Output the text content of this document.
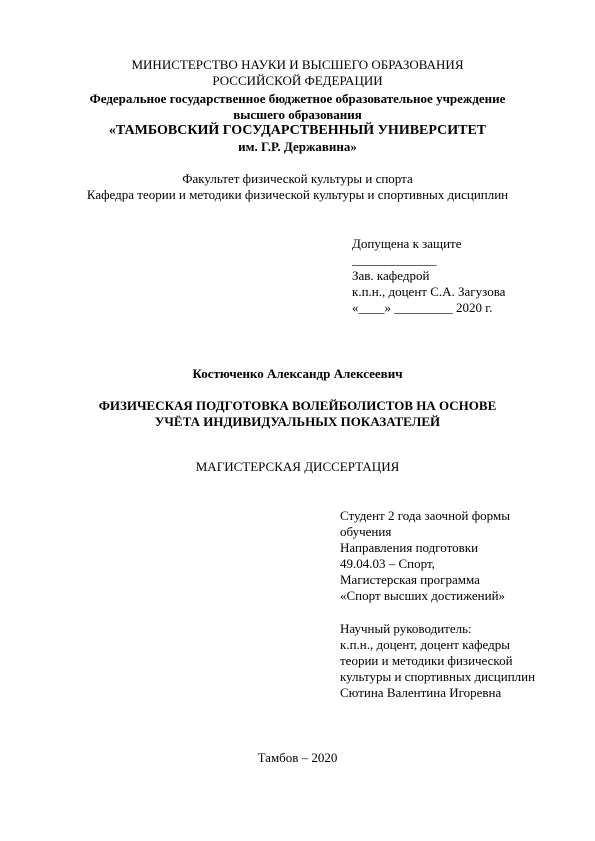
МИНИСТЕРСТВО НАУКИ И ВЫСШЕГО ОБРАЗОВАНИЯ
РОССИЙСКОЙ ФЕДЕРАЦИИ
Федеральное государственное бюджетное образовательное учреждение
высшего образования
«ТАМБОВСКИЙ ГОСУДАРСТВЕННЫЙ УНИВЕРСИТЕТ
им. Г.Р. Державина»
Факультет физической культуры и спорта
Кафедра теории и методики физической культуры и спортивных дисциплин
Допущена к защите
_____________
Зав. кафедрой
к.п.н., доцент С.А. Загузова
«____» _________ 2020 г.
Костюченко Александр Алексеевич
ФИЗИЧЕСКАЯ ПОДГОТОВКА ВОЛЕЙБОЛИСТОВ НА ОСНОВЕ
УЧЁТА ИНДИВИДУАЛЬНЫХ ПОКАЗАТЕЛЕЙ
МАГИСТЕРСКАЯ ДИССЕРТАЦИЯ
Студент 2 года заочной формы
обучения
Направления подготовки
49.04.03 – Спорт,
Магистерская программа
«Спорт высших достижений»
Научный руководитель:
к.п.н., доцент, доцент кафедры
теории и методики физической
культуры и спортивных дисциплин
Сютина Валентина Игоревна
Тамбов – 2020
